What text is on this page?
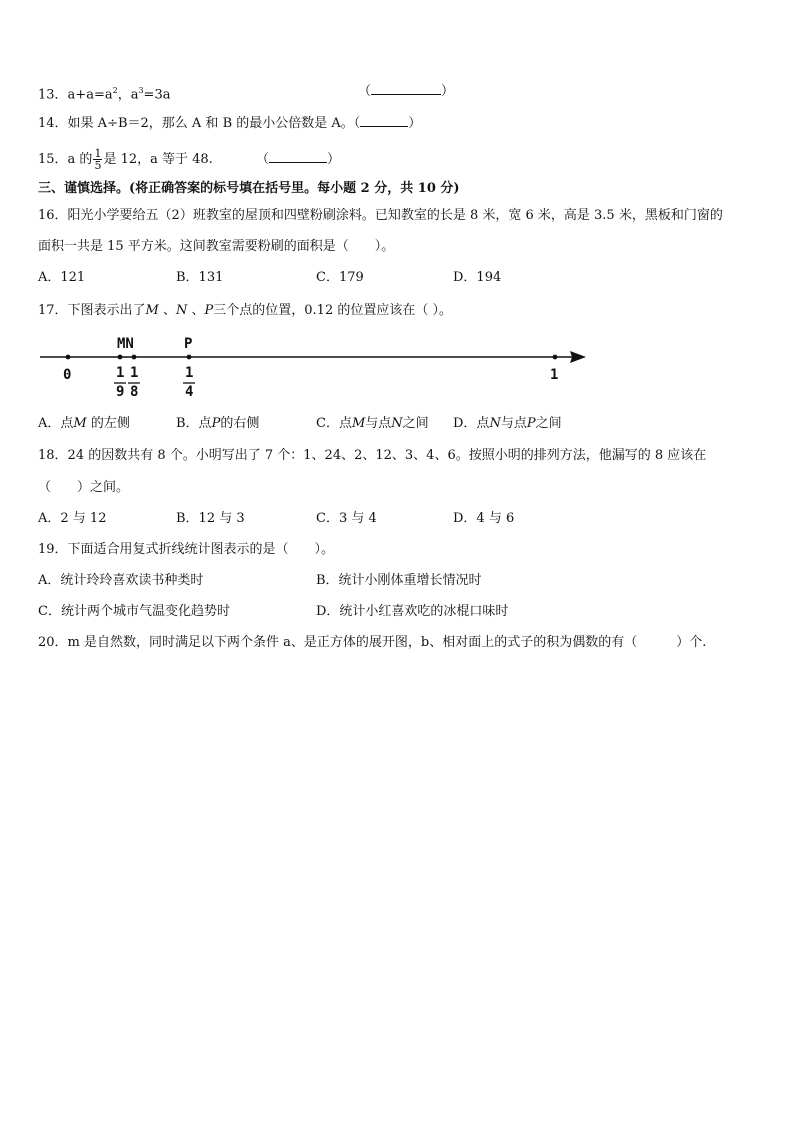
13．$a+a=a^2$，$a^3=3a$	（	）
14．如果 A÷B＝2，那么 A 和 B 的最小公倍数是 A。（	）
15．a 的 $\frac{1}{5}$ 是 12，a 等于 48.	（	）
三、谨慎选择。(将正确答案的标号填在括号里。每小题 2 分，共 10 分)
16．阳光小学要给五（2）班教室的屋顶和四壁粉刷涂料。已知教室的长是 8 米，宽 6 米，高是 3.5 米，黑板和门窗的
面积一共是 15 平方米。这间教室需要粉刷的面积是（　　）。
A．121	B．131	C．179	D．194
17．下图表示出了M 、N 、P三个点的位置，0.12 的位置应该在（ ）。
MN	P
0	1
1
9
1
8
1
4
A．点M 的左侧	B．点P的右侧	C．点M与点N之间 D．点N与点P之间
18．24 的因数共有 8 个。小明写出了 7 个：1、24、2、12、3、4、6。按照小明的排列方法，他漏写的 8 应该在
（　　）之间。
A．2 与 12	B．12 与 3	C．3 与 4	D．4 与 6
19．下面适合用复式折线统计图表示的是（　　）。
A．统计玲玲喜欢读书种类时	B．统计小刚体重增长情况时
C．统计两个城市气温变化趋势时	D．统计小红喜欢吃的冰棍口味时
20．m 是自然数，同时满足以下两个条件 a、是正方体的展开图，b、相对面上的式子的积为偶数的有（　　　）个.
